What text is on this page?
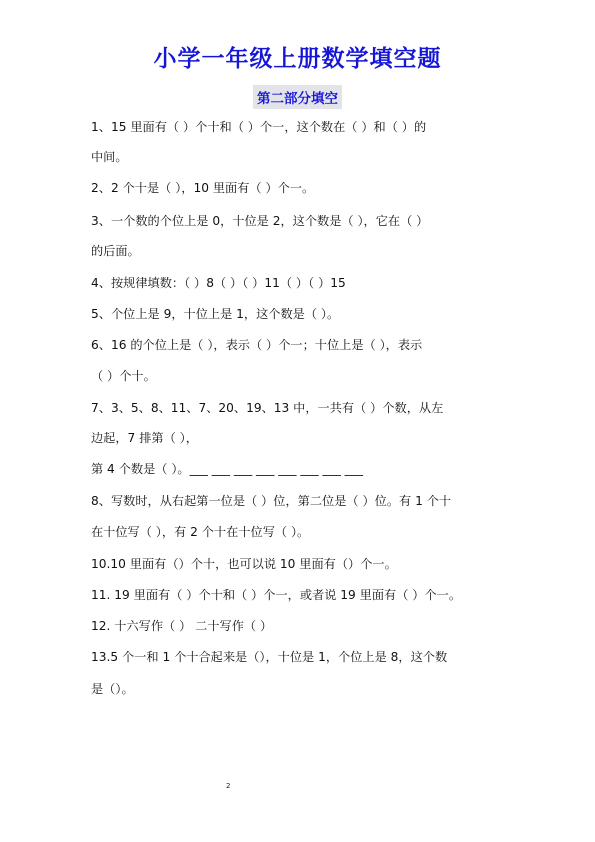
小学一年级上册数学填空题
第二部分填空
1、15 里面有（ ）个十和（ ）个一，这个数在（ ）和（ ）的
中间。
2、2 个十是（ ），10 里面有（ ）个一。
3、一个数的个位上是 0，十位是 2，这个数是（ ），它在（ ）
的后面。
4、按规律填数：（ ）8（ ）（ ）11（ ）（ ）15
5、个位上是 9，十位上是 1，这个数是（ ）。
6、16 的个位上是（ ），表示（ ）个一；十位上是（ ），表示
（ ）个十。
7、3、5、8、11、7、20、19、13 中，一共有（ ）个数，从左
边起，7 排第（ ），
第 4 个数是（ ）。___ ___ ___ ___ ___ ___ ___ ___
8、写数时，从右起第一位是（ ）位，第二位是（ ）位。有 1 个十
在十位写（ ），有 2 个十在十位写（ ）。
10.10 里面有（）个十，也可以说 10 里面有（）个一。
11. 19 里面有（ ）个十和（ ）个一，或者说 19 里面有（ ）个一。
12. 十六写作（ ） 二十写作（ ）
13.5 个一和 1 个十合起来是（），十位是 1，个位上是 8，这个数
是（）。
2
